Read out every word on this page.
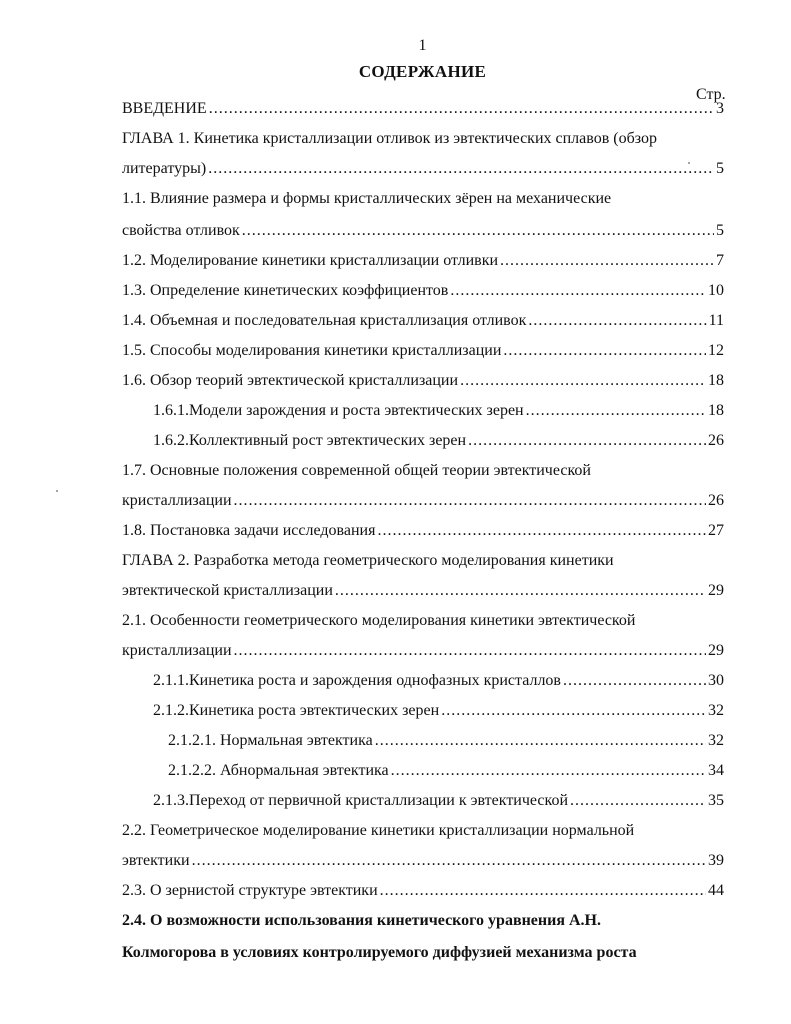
1
СОДЕРЖАНИЕ
Стр.
ВВЕДЕНИЕ .....	3
ГЛАВА 1. Кинетика кристаллизации отливок из эвтектических сплавов (обзор
литературы) .....	5
1.1. Влияние размера и формы кристаллических зёрен на механические
свойства отливок .....	5
1.2. Моделирование кинетики кристаллизации отливки .....	7
1.3. Определение кинетических коэффициентов .....	10
1.4. Объемная и последовательная кристаллизация отливок .....	11
1.5. Способы моделирования кинетики кристаллизации .....	12
1.6. Обзор теорий эвтектической кристаллизации .....	18
1.6.1.Модели зарождения и роста эвтектических зерен .....	18
1.6.2.Коллективный рост эвтектических зерен .....	26
1.7. Основные положения современной общей теории эвтектической
кристаллизации .....	26
1.8. Постановка задачи исследования .....	27
ГЛАВА 2. Разработка метода геометрического моделирования кинетики
эвтектической кристаллизации .....	29
2.1. Особенности геометрического моделирования кинетики эвтектической
кристаллизации .....	29
2.1.1.Кинетика роста и зарождения однофазных кристаллов .....	30
2.1.2.Кинетика роста эвтектических зерен .....	32
2.1.2.1. Нормальная эвтектика .....	32
2.1.2.2. Абнормальная эвтектика .....	34
2.1.3.Переход от первичной кристаллизации к эвтектической .....	35
2.2. Геометрическое моделирование кинетики кристаллизации нормальной
эвтектики .....	39
2.3. О зернистой структуре эвтектики .....	44
2.4. О возможности использования кинетического уравнения А.Н.
Колмогорова в условиях контролируемого диффузией механизма роста
